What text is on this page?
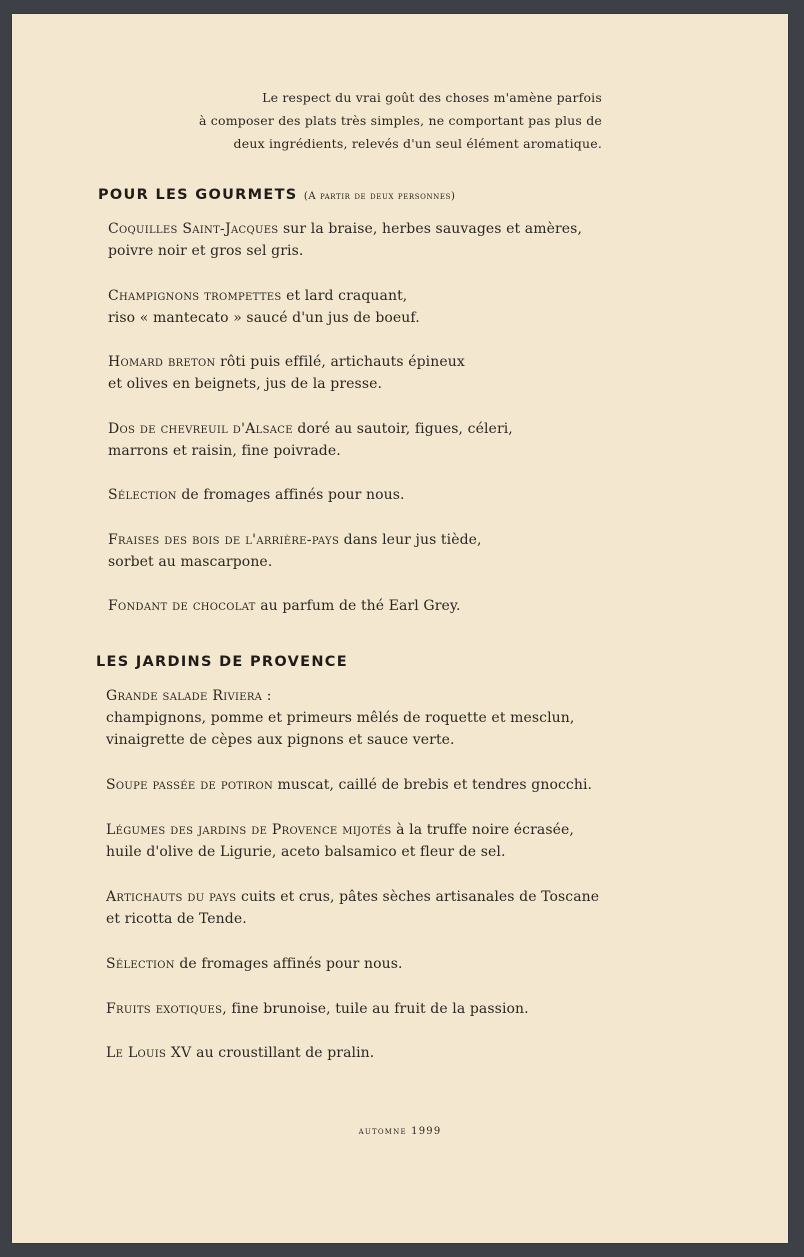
Le respect du vrai goût des choses m'amène parfois
à composer des plats très simples, ne comportant pas plus de
deux ingrédients, relevés d'un seul élément aromatique.
POUR LES GOURMETS (A partir de deux personnes)
Coquilles Saint-Jacques sur la braise, herbes sauvages et amères,
poivre noir et gros sel gris.
Champignons trompettes et lard craquant,
riso « mantecato » saucé d'un jus de boeuf.
Homard breton rôti puis effilé, artichauts épineux
et olives en beignets, jus de la presse.
Dos de chevreuil d'Alsace doré au sautoir, figues, céleri,
marrons et raisin, fine poivrade.
Sélection de fromages affinés pour nous.
Fraises des bois de l'arrière-pays dans leur jus tiède,
sorbet au mascarpone.
Fondant de chocolat au parfum de thé Earl Grey.
LES JARDINS DE PROVENCE
Grande salade Riviera :
champignons, pomme et primeurs mêlés de roquette et mesclun,
vinaigrette de cèpes aux pignons et sauce verte.
Soupe passée de potiron muscat, caillé de brebis et tendres gnocchi.
Légumes des jardins de Provence mijotés à la truffe noire écrasée,
huile d'olive de Ligurie, aceto balsamico et fleur de sel.
Artichauts du pays cuits et crus, pâtes sèches artisanales de Toscane
et ricotta de Tende.
Sélection de fromages affinés pour nous.
Fruits exotiques, fine brunoise, tuile au fruit de la passion.
Le Louis XV au croustillant de pralin.
automne 1999
